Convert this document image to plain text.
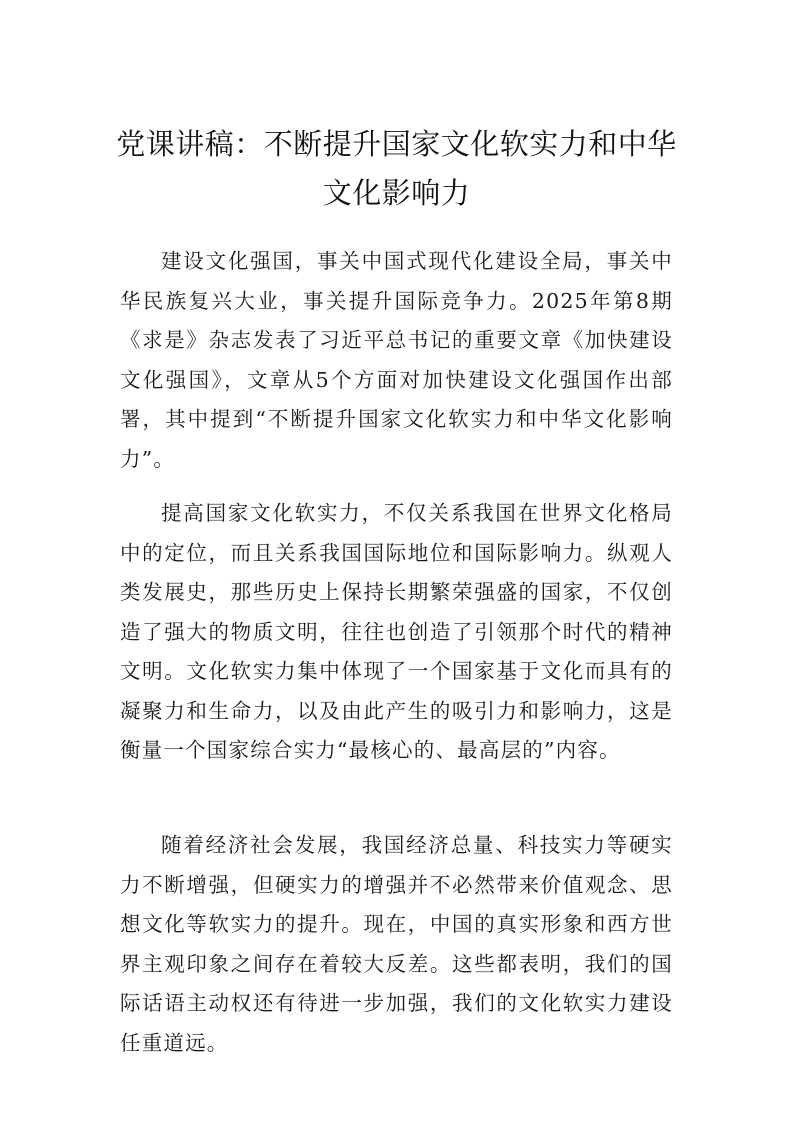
党课讲稿：不断提升国家文化软实力和中华文化影响力

建设文化强国，事关中国式现代化建设全局，事关中华民族复兴大业，事关提升国际竞争力。2025年第8期《求是》杂志发表了习近平总书记的重要文章《加快建设文化强国》，文章从5个方面对加快建设文化强国作出部署，其中提到“不断提升国家文化软实力和中华文化影响力”。

提高国家文化软实力，不仅关系我国在世界文化格局中的定位，而且关系我国国际地位和国际影响力。纵观人类发展史，那些历史上保持长期繁荣强盛的国家，不仅创造了强大的物质文明，往往也创造了引领那个时代的精神文明。文化软实力集中体现了一个国家基于文化而具有的凝聚力和生命力，以及由此产生的吸引力和影响力，这是衡量一个国家综合实力“最核心的、最高层的”内容。

随着经济社会发展，我国经济总量、科技实力等硬实力不断增强，但硬实力的增强并不必然带来价值观念、思想文化等软实力的提升。现在，中国的真实形象和西方世界主观印象之间存在着较大反差。这些都表明，我们的国际话语主动权还有待进一步加强，我们的文化软实力建设任重道远。
